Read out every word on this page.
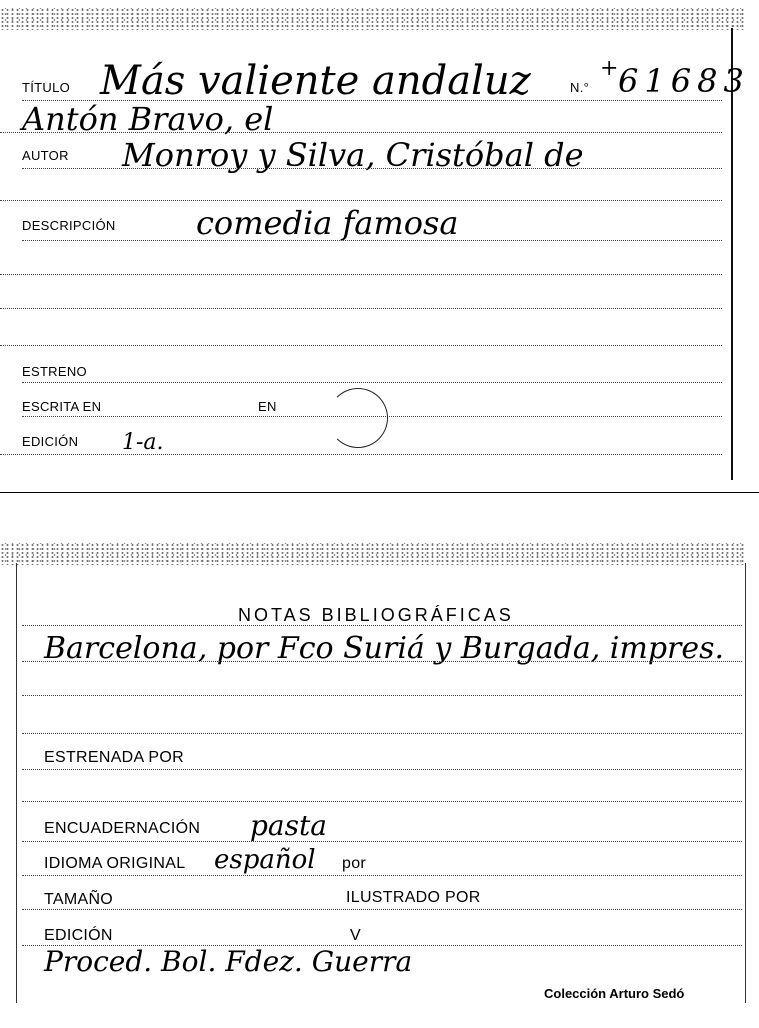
TÍTULO Más valiente andaluz	N.°
+ 61683
Antón Bravo, el
AUTOR Monroy y Silva, Cristóbal de
DESCRIPCIÓN	comedia famosa
ESTRENO
ESCRITA EN	EN
EDICIÓN 1-a.
NOTAS BIBLIOGRÁFICAS
Barcelona, por Fco Suriá y Burgada, impres.
ESTRENADA POR
ENCUADERNACIÓN pasta
IDIOMA ORIGINAL español por
TAMAÑO	ILUSTRADO POR
EDICIÓN	V
Proced. Bol. Fdez. Guerra
Colección Arturo Sedó
